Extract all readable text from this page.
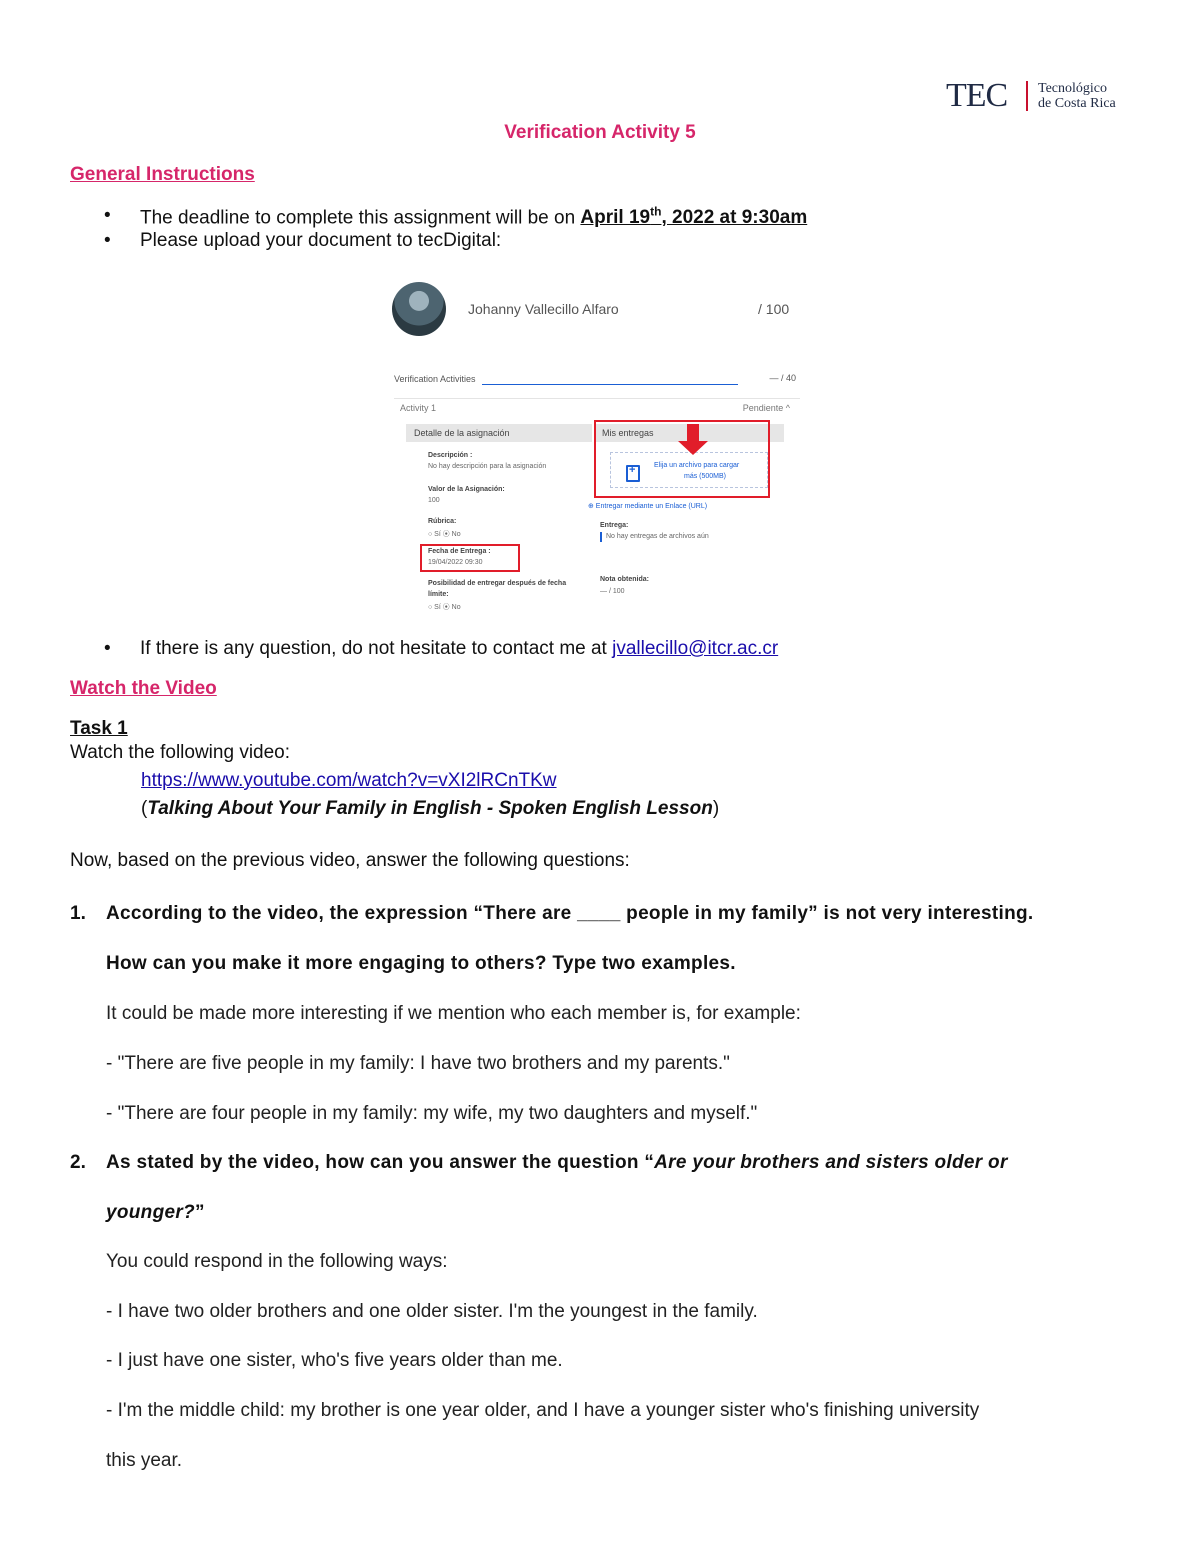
TEC Tecnológico
de Costa Rica
Verification Activity 5
General Instructions
• The deadline to complete this assignment will be on April 19th, 2022 at 9:30am
• Please upload your document to tecDigital:
Johanny Vallecillo Alfaro	/ 100
Verification Activities	— / 40
Activity 1	Pendiente ^
Detalle de la asignación
Descripción :
No hay descripción para la asignación
Valor de la Asignación:
100
Rúbrica:
○ Sí ⦿ No
Fecha de Entrega :
19/04/2022 09:30
Posibilidad de entregar después de fecha
límite:
○ Sí ⦿ No
Mis entregas
Elija un archivo para cargar
más (500MB)
⊕ Entregar mediante un Enlace (URL)
Entrega:
No hay entregas de archivos aún
Nota obtenida:
— / 100
+
• If there is any question, do not hesitate to contact me at jvallecillo@itcr.ac.cr
Watch the Video
Task 1
Watch the following video:
https://www.youtube.com/watch?v=vXI2lRCnTKw
(Talking About Your Family in English - Spoken English Lesson)
Now, based on the previous video, answer the following questions:
1. According to the video, the expression “There are ____ people in my family” is not very interesting.
How can you make it more engaging to others? Type two examples.
It could be made more interesting if we mention who each member is, for example:
- "There are five people in my family: I have two brothers and my parents."
- "There are four people in my family: my wife, my two daughters and myself."
2. As stated by the video, how can you answer the question “Are your brothers and sisters older or
younger?”
You could respond in the following ways:
- I have two older brothers and one older sister. I'm the youngest in the family.
- I just have one sister, who's five years older than me.
- I'm the middle child: my brother is one year older, and I have a younger sister who's finishing university
this year.
